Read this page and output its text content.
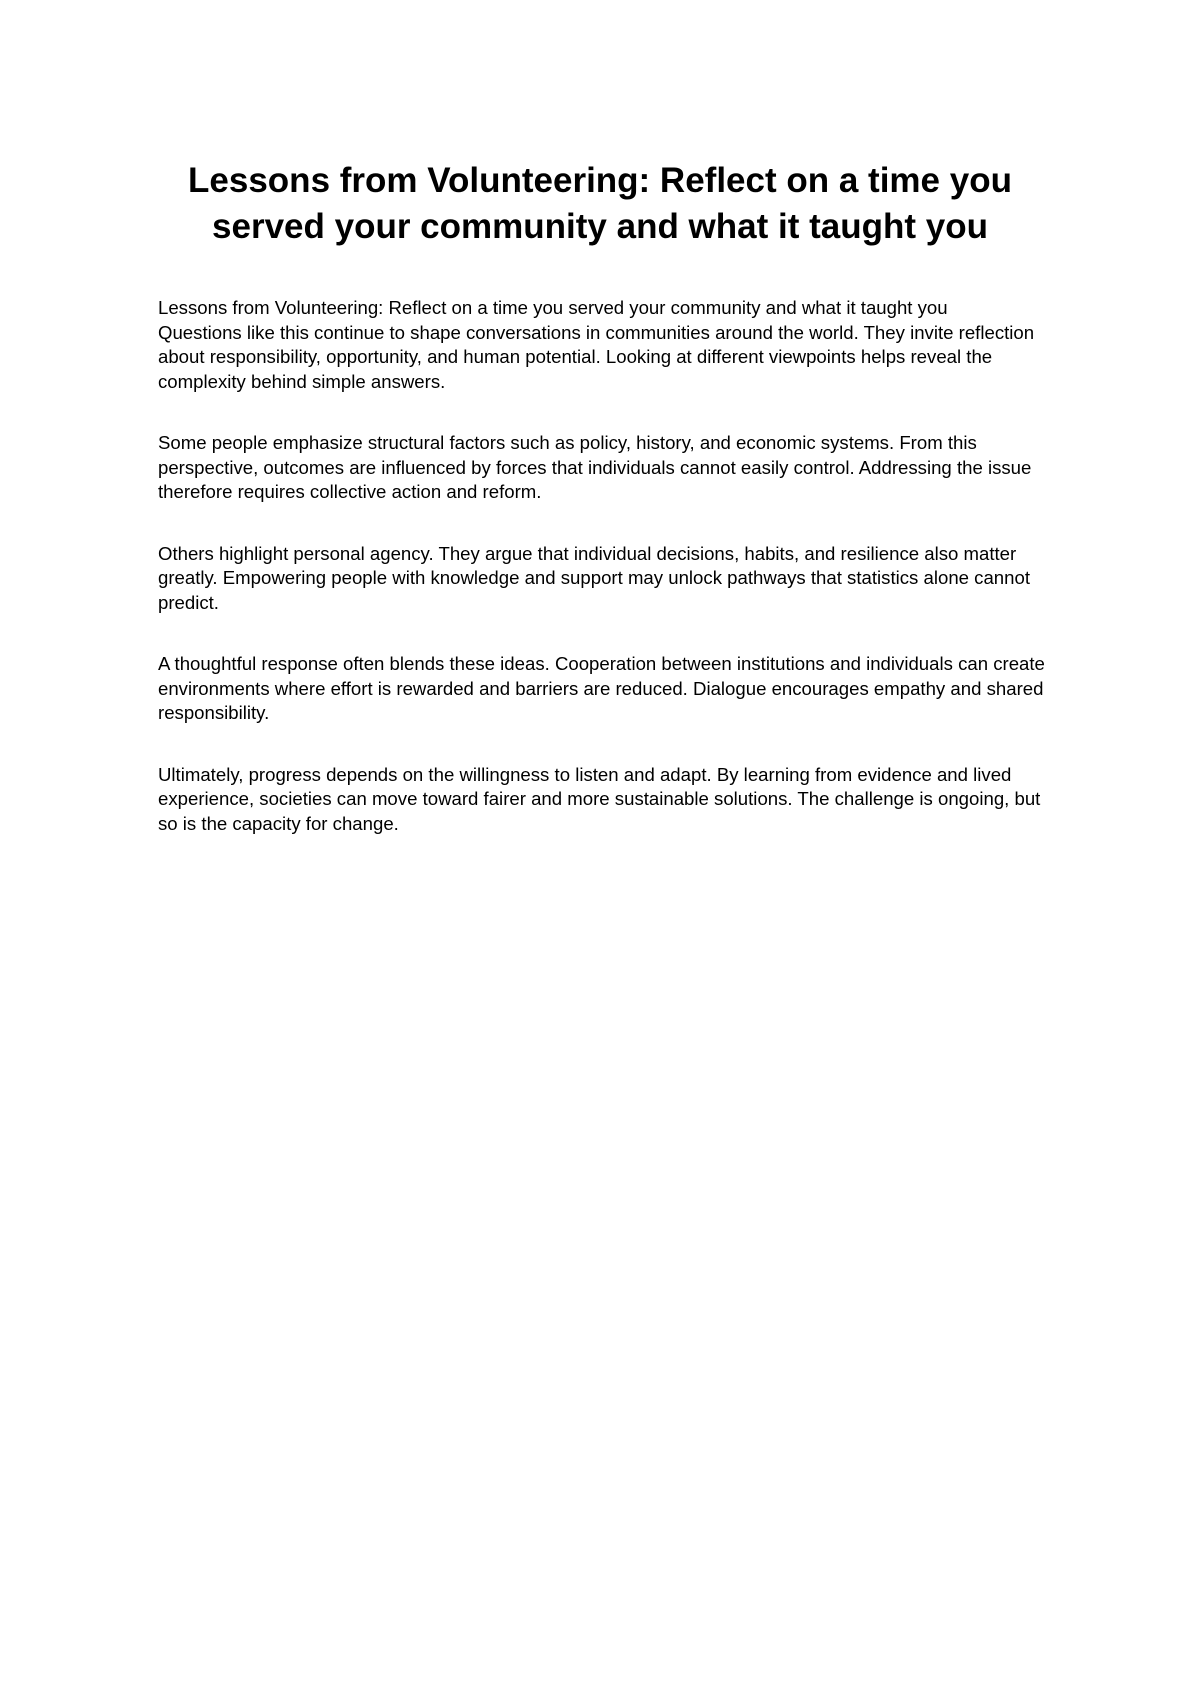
Lessons from Volunteering: Reflect on a time you served your community and what it taught you

Lessons from Volunteering: Reflect on a time you served your community and what it taught you
Questions like this continue to shape conversations in communities around the world. They invite reflection about responsibility, opportunity, and human potential. Looking at different viewpoints helps reveal the complexity behind simple answers.

Some people emphasize structural factors such as policy, history, and economic systems. From this perspective, outcomes are influenced by forces that individuals cannot easily control. Addressing the issue therefore requires collective action and reform.

Others highlight personal agency. They argue that individual decisions, habits, and resilience also matter greatly. Empowering people with knowledge and support may unlock pathways that statistics alone cannot predict.

A thoughtful response often blends these ideas. Cooperation between institutions and individuals can create environments where effort is rewarded and barriers are reduced. Dialogue encourages empathy and shared responsibility.

Ultimately, progress depends on the willingness to listen and adapt. By learning from evidence and lived experience, societies can move toward fairer and more sustainable solutions. The challenge is ongoing, but so is the capacity for change.
